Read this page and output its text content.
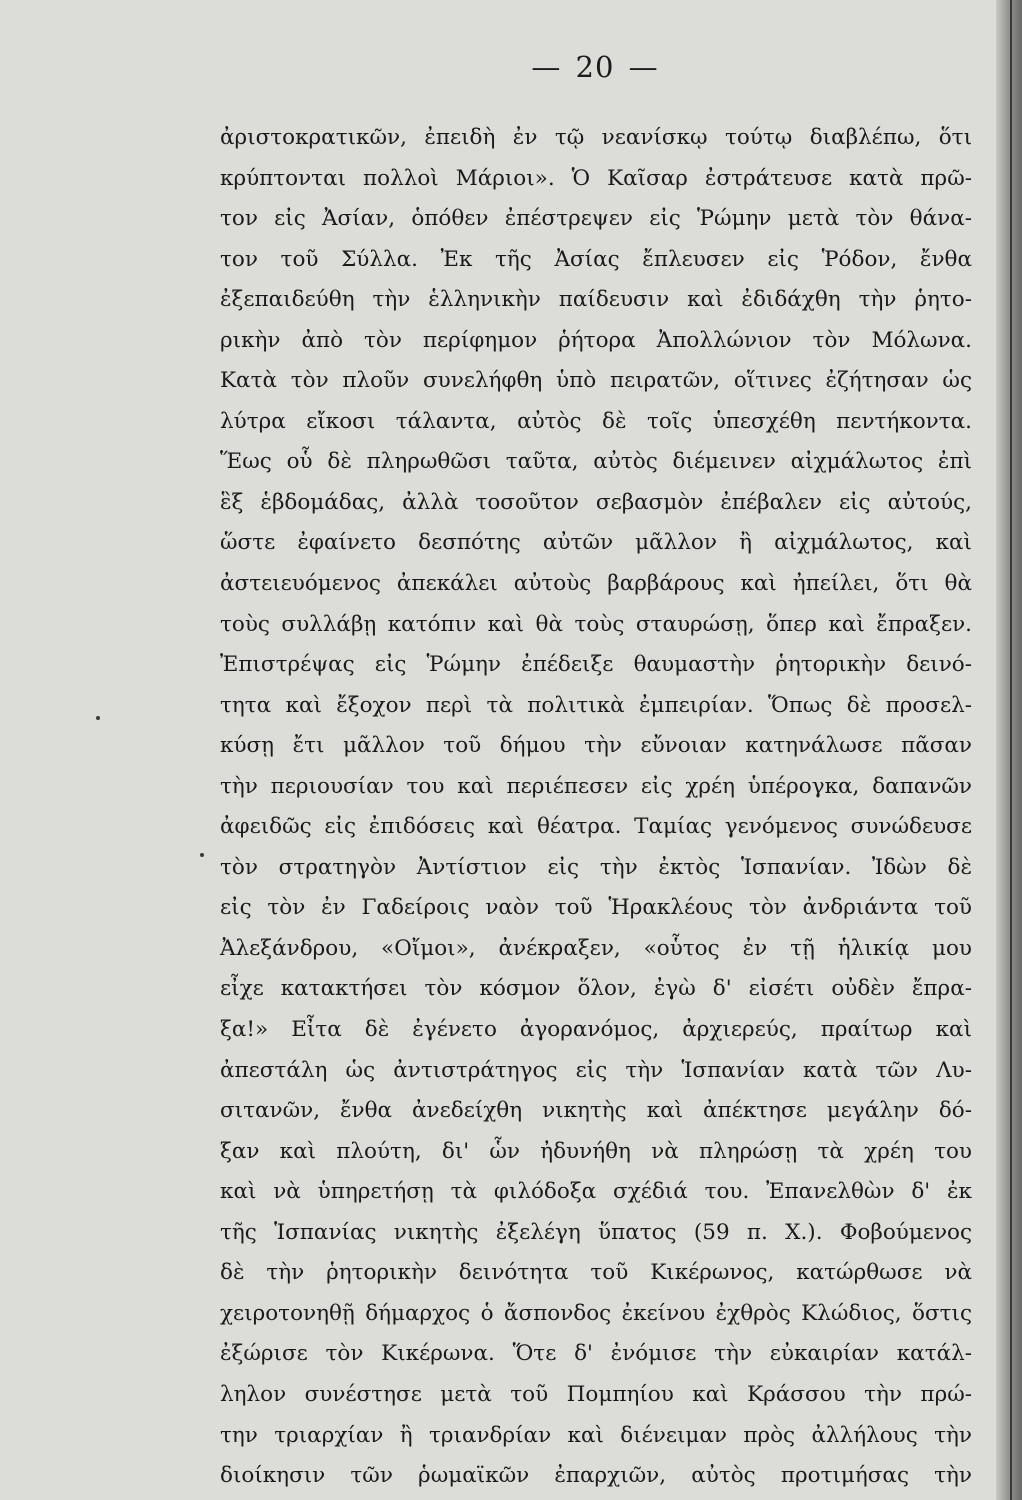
— 20 —
ἀριστοκρατικῶν, ἐπειδὴ ἐν τῷ νεανίσκῳ τούτῳ διαβλέπω, ὅτι
κρύπτονται πολλοὶ Μάριοι». Ὁ Καῖσαρ ἐστράτευσε κατὰ πρῶ-
τον εἰς Ἀσίαν, ὁπόθεν ἐπέστρεψεν εἰς Ῥώμην μετὰ τὸν θάνα-
τον τοῦ Σύλλα. Ἐκ τῆς Ἀσίας ἔπλευσεν εἰς Ῥόδον, ἔνθα
ἐξεπαιδεύθη τὴν ἑλληνικὴν παίδευσιν καὶ ἐδιδάχθη τὴν ῥητο-
ρικὴν ἀπὸ τὸν περίφημον ῥήτορα Ἀπολλώνιον τὸν Μόλωνα.
Κατὰ τὸν πλοῦν συνελήφθη ὑπὸ πειρατῶν, οἵτινες ἐζήτησαν ὡς
λύτρα εἴκοσι τάλαντα, αὐτὸς δὲ τοῖς ὑπεσχέθη πεντήκοντα.
Ἕως οὗ δὲ πληρωθῶσι ταῦτα, αὐτὸς διέμεινεν αἰχμάλωτος ἐπὶ
ἓξ ἑβδομάδας, ἀλλὰ τοσοῦτον σεβασμὸν ἐπέβαλεν εἰς αὐτούς,
ὥστε ἐφαίνετο δεσπότης αὐτῶν μᾶλλον ἢ αἰχμάλωτος, καὶ
ἀστειευόμενος ἀπεκάλει αὐτοὺς βαρβάρους καὶ ἠπείλει, ὅτι θὰ
τοὺς συλλάβῃ κατόπιν καὶ θὰ τοὺς σταυρώσῃ, ὅπερ καὶ ἔπραξεν.
Ἐπιστρέψας εἰς Ῥώμην ἐπέδειξε θαυμαστὴν ῥητορικὴν δεινό-
τητα καὶ ἔξοχον περὶ τὰ πολιτικὰ ἐμπειρίαν. Ὅπως δὲ προσελ-
κύσῃ ἔτι μᾶλλον τοῦ δήμου τὴν εὔνοιαν κατηνάλωσε πᾶσαν
τὴν περιουσίαν του καὶ περιέπεσεν εἰς χρέη ὑπέρογκα, δαπανῶν
ἀφειδῶς εἰς ἐπιδόσεις καὶ θέατρα. Ταμίας γενόμενος συνώδευσε
τὸν στρατηγὸν Ἀντίστιον εἰς τὴν ἐκτὸς Ἱσπανίαν. Ἰδὼν δὲ
εἰς τὸν ἐν Γαδείροις ναὸν τοῦ Ἡρακλέους τὸν ἀνδριάντα τοῦ
Ἀλεξάνδρου, «Οἴμοι», ἀνέκραξεν, «οὗτος ἐν τῇ ἡλικίᾳ μου
εἶχε κατακτήσει τὸν κόσμον ὅλον, ἐγὼ δ' εἰσέτι οὐδὲν ἔπρα-
ξα!» Εἶτα δὲ ἐγένετο ἀγορανόμος, ἀρχιερεύς, πραίτωρ καὶ
ἀπεστάλη ὡς ἀντιστράτηγος εἰς τὴν Ἱσπανίαν κατὰ τῶν Λυ-
σιτανῶν, ἔνθα ἀνεδείχθη νικητὴς καὶ ἀπέκτησε μεγάλην δό-
ξαν καὶ πλούτη, δι' ὧν ἠδυνήθη νὰ πληρώσῃ τὰ χρέη του
καὶ νὰ ὑπηρετήσῃ τὰ φιλόδοξα σχέδιά του. Ἐπανελθὼν δ' ἐκ
τῆς Ἱσπανίας νικητὴς ἐξελέγη ὕπατος (59 π. Χ.). Φοβούμενος
δὲ τὴν ῥητορικὴν δεινότητα τοῦ Κικέρωνος, κατώρθωσε νὰ
χειροτονηθῇ δήμαρχος ὁ ἄσπονδος ἐκείνου ἐχθρὸς Κλώδιος, ὅστις
ἐξώρισε τὸν Κικέρωνα. Ὅτε δ' ἐνόμισε τὴν εὐκαιρίαν κατάλ-
ληλον συνέστησε μετὰ τοῦ Πομπηίου καὶ Κράσσου τὴν πρώ-
την τριαρχίαν ἢ τριανδρίαν καὶ διένειμαν πρὸς ἀλλήλους τὴν
διοίκησιν τῶν ῥωμαϊκῶν ἐπαρχιῶν, αὐτὸς προτιμήσας τὴν
